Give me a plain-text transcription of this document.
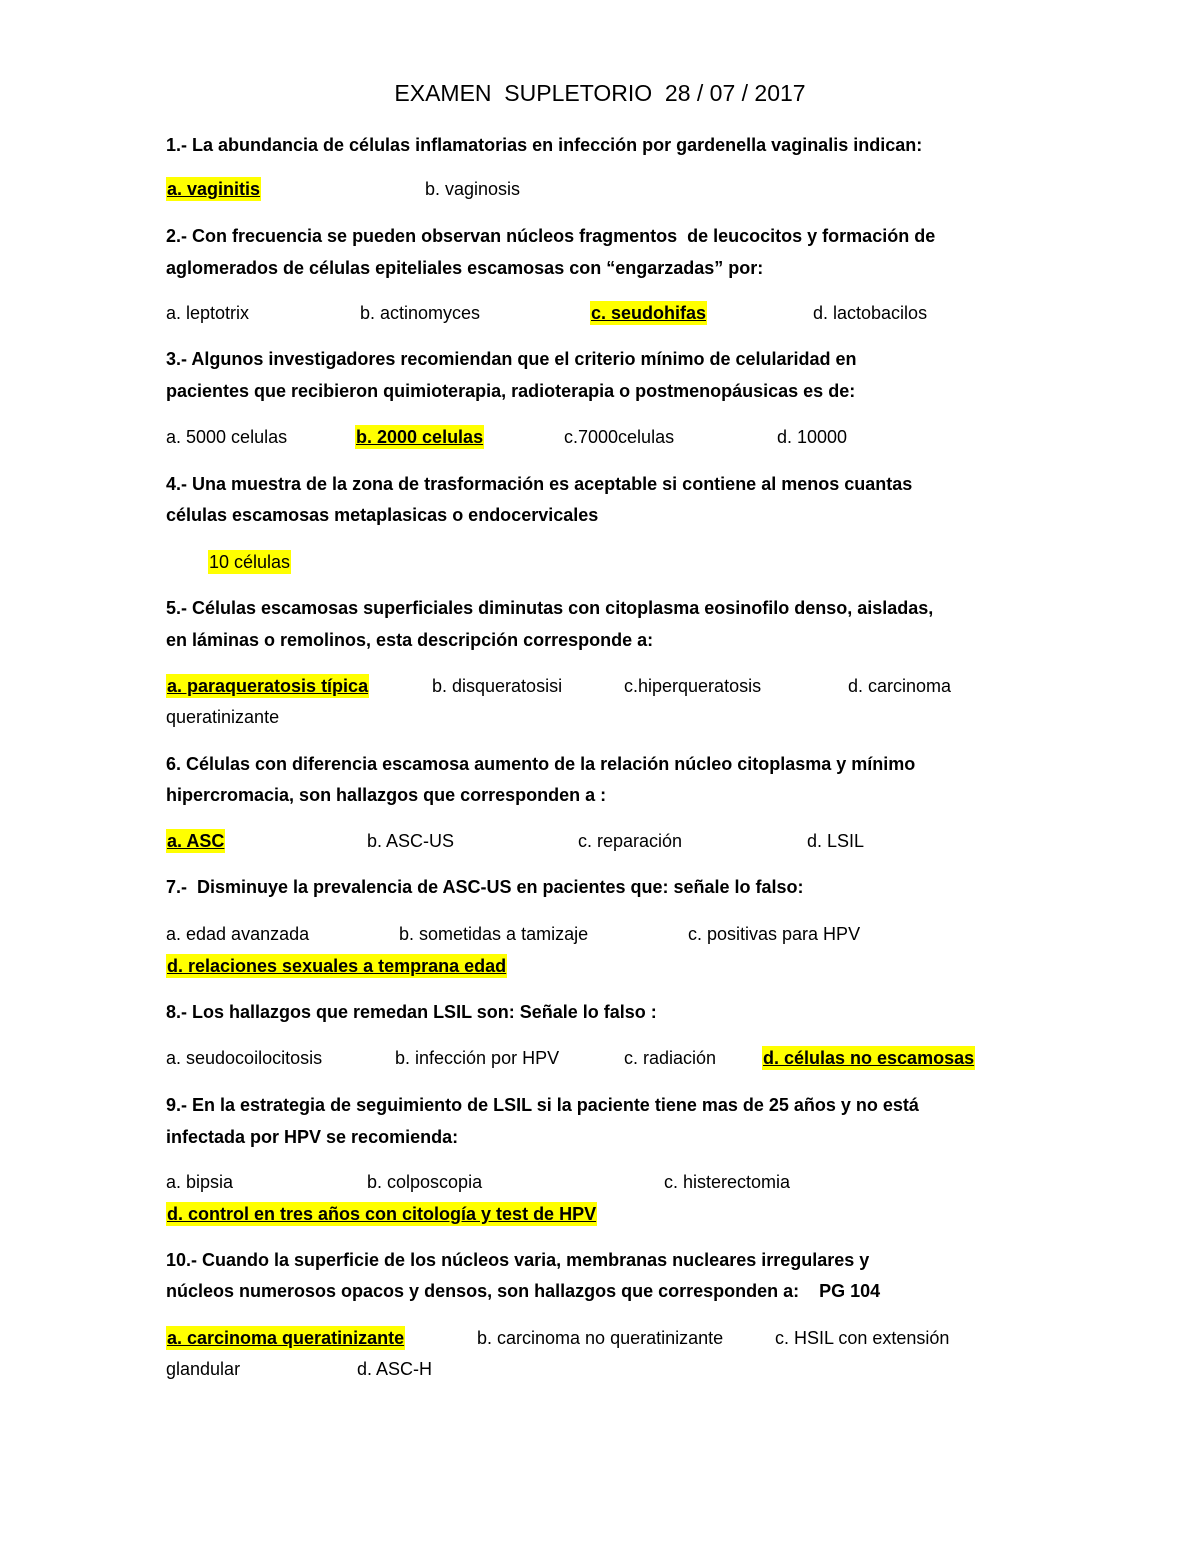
EXAMEN  SUPLETORIO  28 / 07 / 2017
1.- La abundancia de células inflamatorias en infección por gardenella vaginalis indican:
a. vaginitis	b. vaginosis
2.- Con frecuencia se pueden observan núcleos fragmentos  de leucocitos y formación de
aglomerados de células epiteliales escamosas con “engarzadas” por:
a. leptotrix	b. actinomyces	c. seudohifas	d. lactobacilos
3.- Algunos investigadores recomiendan que el criterio mínimo de celularidad en
pacientes que recibieron quimioterapia, radioterapia o postmenopáusicas es de:
a. 5000 celulas	b. 2000 celulas	c.7000celulas	d. 10000
4.- Una muestra de la zona de trasformación es aceptable si contiene al menos cuantas
células escamosas metaplasicas o endocervicales
10 células
5.- Células escamosas superficiales diminutas con citoplasma eosinofilo denso, aisladas,
en láminas o remolinos, esta descripción corresponde a:
a. paraqueratosis típica	b. disqueratosisi	c.hiperqueratosis	d. carcinoma
queratinizante
6. Células con diferencia escamosa aumento de la relación núcleo citoplasma y mínimo
hipercromacia, son hallazgos que corresponden a :
a. ASC	b. ASC-US	c. reparación	d. LSIL
7.-  Disminuye la prevalencia de ASC-US en pacientes que: señale lo falso:
a. edad avanzada	b. sometidas a tamizaje	c. positivas para HPV
d. relaciones sexuales a temprana edad
8.- Los hallazgos que remedan LSIL son: Señale lo falso :
a. seudocoilocitosis	b. infección por HPV	c. radiación	d. células no escamosas
9.- En la estrategia de seguimiento de LSIL si la paciente tiene mas de 25 años y no está
infectada por HPV se recomienda:
a. bipsia	b. colposcopia	c. histerectomia
d. control en tres años con citología y test de HPV
10.- Cuando la superficie de los núcleos varia, membranas nucleares irregulares y
núcleos numerosos opacos y densos, son hallazgos que corresponden a:    PG 104
a. carcinoma queratinizante	b. carcinoma no queratinizante	c. HSIL con extensión
glandular	d. ASC-H
